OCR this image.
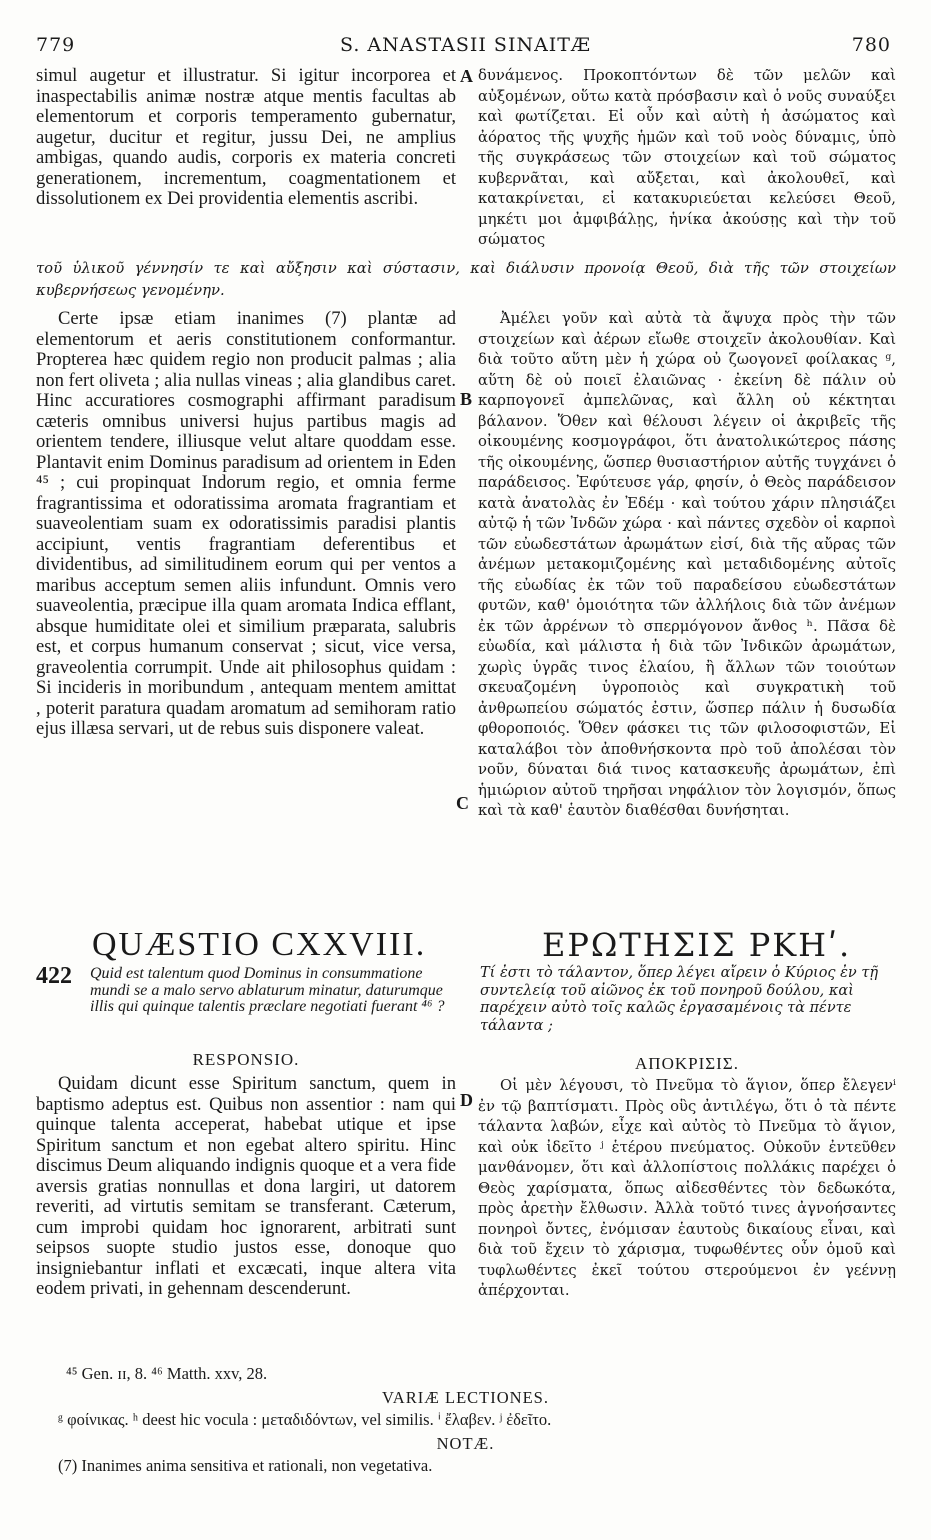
779	S. ANASTASII SINAITÆ	780

simul augetur et illustratur. Si igitur incorporea et inaspectabilis animæ nostræ atque mentis facultas ab elementorum et corporis temperamento gubernatur, augetur, ducitur et regitur, jussu Dei, ne amplius ambigas, quando audis, corporis ex materia concreti generationem, incrementum, coagmentationem et dissolutionem ex Dei providentia elementis ascribi.

A δυνάμενος. Προκοπτόντων δὲ τῶν μελῶν καὶ αὐξομένων, οὕτω κατὰ πρόσβασιν καὶ ὁ νοῦς συναύξει καὶ φωτίζεται. Εἰ οὖν καὶ αὐτὴ ἡ ἀσώματος καὶ ἀόρατος τῆς ψυχῆς ἡμῶν καὶ τοῦ νοὸς δύναμις, ὑπὸ τῆς συγκράσεως τῶν στοιχείων καὶ τοῦ σώματος κυβερνᾶται, καὶ αὔξεται, καὶ ἀκολουθεῖ, καὶ κατακρίνεται, εἰ κατακυριεύεται κελεύσει Θεοῦ, μηκέτι μοι ἀμφιβάλῃς, ἡνίκα ἀκούσῃς καὶ τὴν τοῦ σώματος

τοῦ ὑλικοῦ γέννησίν τε καὶ αὔξησιν καὶ σύστασιν, καὶ διάλυσιν προνοίᾳ Θεοῦ, διὰ τῆς τῶν στοιχείων

κυβερνήσεως γενομένην.

Certe ipsæ etiam inanimes (7) plantæ ad elementorum et aeris constitutionem conformantur. Propterea hæc quidem regio non producit palmas ; alia non fert oliveta ; alia nullas vineas ; alia glandibus caret. Hinc accuratiores cosmographi affirmant paradisum cæteris omnibus universi hujus partibus magis ad orientem tendere, illiusque velut altare quoddam esse. Plantavit enim Dominus paradisum ad orientem in Eden ⁴⁵ ; cui propinquat Indorum regio, et omnia ferme fragrantissima et odoratissima aromata fragrantiam et suaveolentiam suam ex odoratissimis paradisi plantis accipiunt, ventis fragrantiam deferentibus et dividentibus, ad similitudinem eorum qui per ventos a maribus acceptum semen aliis infundunt. Omnis vero suaveolentia, præcipue illa quam aromata Indica efflant, absque humiditate olei et similium præparata, salubris est, et corpus humanum conservat ; sicut, vice versa, graveolentia corrumpit. Unde ait philosophus quidam : Si incideris in moribundum , antequam mentem amittat , poterit paratura quadam aromatum ad semihoram ratio ejus illæsa servari, ut de rebus suis disponere valeat.

B
C

Ἀμέλει γοῦν καὶ αὐτὰ τὰ ἄψυχα πρὸς τὴν τῶν στοιχείων καὶ ἀέρων εἴωθε στοιχεῖν ἀκολουθίαν. Καὶ διὰ τοῦτο αὕτη μὲν ἡ χώρα οὐ ζωογονεῖ φοίλακας ᵍ, αὕτη δὲ οὐ ποιεῖ ἐλαιῶνας · ἐκείνη δὲ πάλιν οὐ καρπογονεῖ ἀμπελῶνας, καὶ ἄλλη οὐ κέκτηται βάλανον. Ὅθεν καὶ θέλουσι λέγειν οἱ ἀκριβεῖς τῆς οἰκουμένης κοσμογράφοι, ὅτι ἀνατολικώτερος πάσης τῆς οἰκουμένης, ὥσπερ θυσιαστήριον αὐτῆς τυγχάνει ὁ παράδεισος. Ἐφύτευσε γάρ, φησίν, ὁ Θεὸς παράδεισον κατὰ ἀνατολὰς ἐν Ἐδέμ · καὶ τούτου χάριν πλησιάζει αὐτῷ ἡ τῶν Ἰνδῶν χώρα · καὶ πάντες σχεδὸν οἱ καρποὶ τῶν εὐωδεστάτων ἀρωμάτων εἰσί, διὰ τῆς αὔρας τῶν ἀνέμων μετακομιζομένης καὶ μεταδιδομένης αὐτοῖς τῆς εὐωδίας ἐκ τῶν τοῦ παραδείσου εὐωδεστάτων φυτῶν, καθ' ὁμοιότητα τῶν ἀλλήλοις διὰ τῶν ἀνέμων ἐκ τῶν ἀρρένων τὸ σπερμόγονον ἄνθος ʰ. Πᾶσα δὲ εὐωδία, καὶ μάλιστα ἡ διὰ τῶν Ἰνδικῶν ἀρωμάτων, χωρὶς ὑγρᾶς τινος ἐλαίου, ἢ ἄλλων τῶν τοιούτων σκευαζομένη ὑγροποιὸς καὶ συγκρατικὴ τοῦ ἀνθρωπείου σώματός ἐστιν, ὥσπερ πάλιν ἡ δυσωδία φθοροποιός. Ὅθεν φάσκει τις τῶν φιλοσοφιστῶν, Εἰ καταλάβοι τὸν ἀποθνήσκοντα πρὸ τοῦ ἀπολέσαι τὸν νοῦν, δύναται διά τινος κατασκευῆς ἀρωμάτων, ἐπὶ ἡμιώριον αὐτοῦ τηρῆσαι νηφάλιον τὸν λογισμόν, ὅπως καὶ τὰ καθ' ἑαυτὸν διαθέσθαι δυνήσηται.

QUÆSTIO CXXVIII.	ΕΡΩΤΗΣΙΣ ΡΚΗʹ.
422 Quid est talentum quod Dominus in consummatione mundi se a malo servo ablaturum minatur, daturumque illis qui quinque talentis præclare negotiati fuerant ⁴⁶ ?
Τί ἐστι τὸ τάλαντον, ὅπερ λέγει αἴρειν ὁ Κύριος ἐν τῇ συντελείᾳ τοῦ αἰῶνος ἐκ τοῦ πονηροῦ δούλου, καὶ παρέχειν αὐτὸ τοῖς καλῶς ἐργασαμένοις τὰ πέντε τάλαντα ;
RESPONSIO.	ΑΠΟΚΡΙΣΙΣ.

Quidam dicunt esse Spiritum sanctum, quem in baptismo adeptus est. Quibus non assentior : nam qui quinque talenta acceperat, habebat utique et ipse Spiritum sanctum et non egebat altero spiritu. Hinc discimus Deum aliquando indignis quoque et a vera fide aversis gratias nonnullas et dona largiri, ut datorem reveriti, ad virtutis semitam se transferant. Cæterum, cum improbi quidam hoc ignorarent, arbitrati sunt seipsos suopte studio justos esse, donoque quo insigniebantur inflati et excæcati, inque altera vita eodem privati, in gehennam descenderunt.

D

Οἱ μὲν λέγουσι, τὸ Πνεῦμα τὸ ἅγιον, ὅπερ ἔλεγενⁱ ἐν τῷ βαπτίσματι. Πρὸς οὓς ἀντιλέγω, ὅτι ὁ τὰ πέντε τάλαντα λαβών, εἶχε καὶ αὐτὸς τὸ Πνεῦμα τὸ ἅγιον, καὶ οὐκ ἰδεῖτο ʲ ἑτέρου πνεύματος. Οὐκοῦν ἐντεῦθεν μανθάνομεν, ὅτι καὶ ἀλλοπίστοις πολλάκις παρέχει ὁ Θεὸς χαρίσματα, ὅπως αἰδεσθέντες τὸν δεδωκότα, πρὸς ἀρετὴν ἔλθωσιν. Ἀλλὰ τοῦτό τινες ἀγνοήσαντες πονηροὶ ὄντες, ἐνόμισαν ἑαυτοὺς δικαίους εἶναι, καὶ διὰ τοῦ ἔχειν τὸ χάρισμα, τυφωθέντες οὖν ὁμοῦ καὶ τυφλωθέντες ἐκεῖ τούτου στερούμενοι ἐν γεέννῃ ἀπέρχονται.

⁴⁵ Gen. ɪɪ, 8. ⁴⁶ Matth. xxv, 28.
VARIÆ LECTIONES.
ᵍ φοίνικας. ʰ deest hic vocula : μεταδιδόντων, vel similis. ⁱ ἔλαβεν. ʲ ἐδεῖτο.
NOTÆ.
(7) Inanimes anima sensitiva et rationali, non vegetativa.
